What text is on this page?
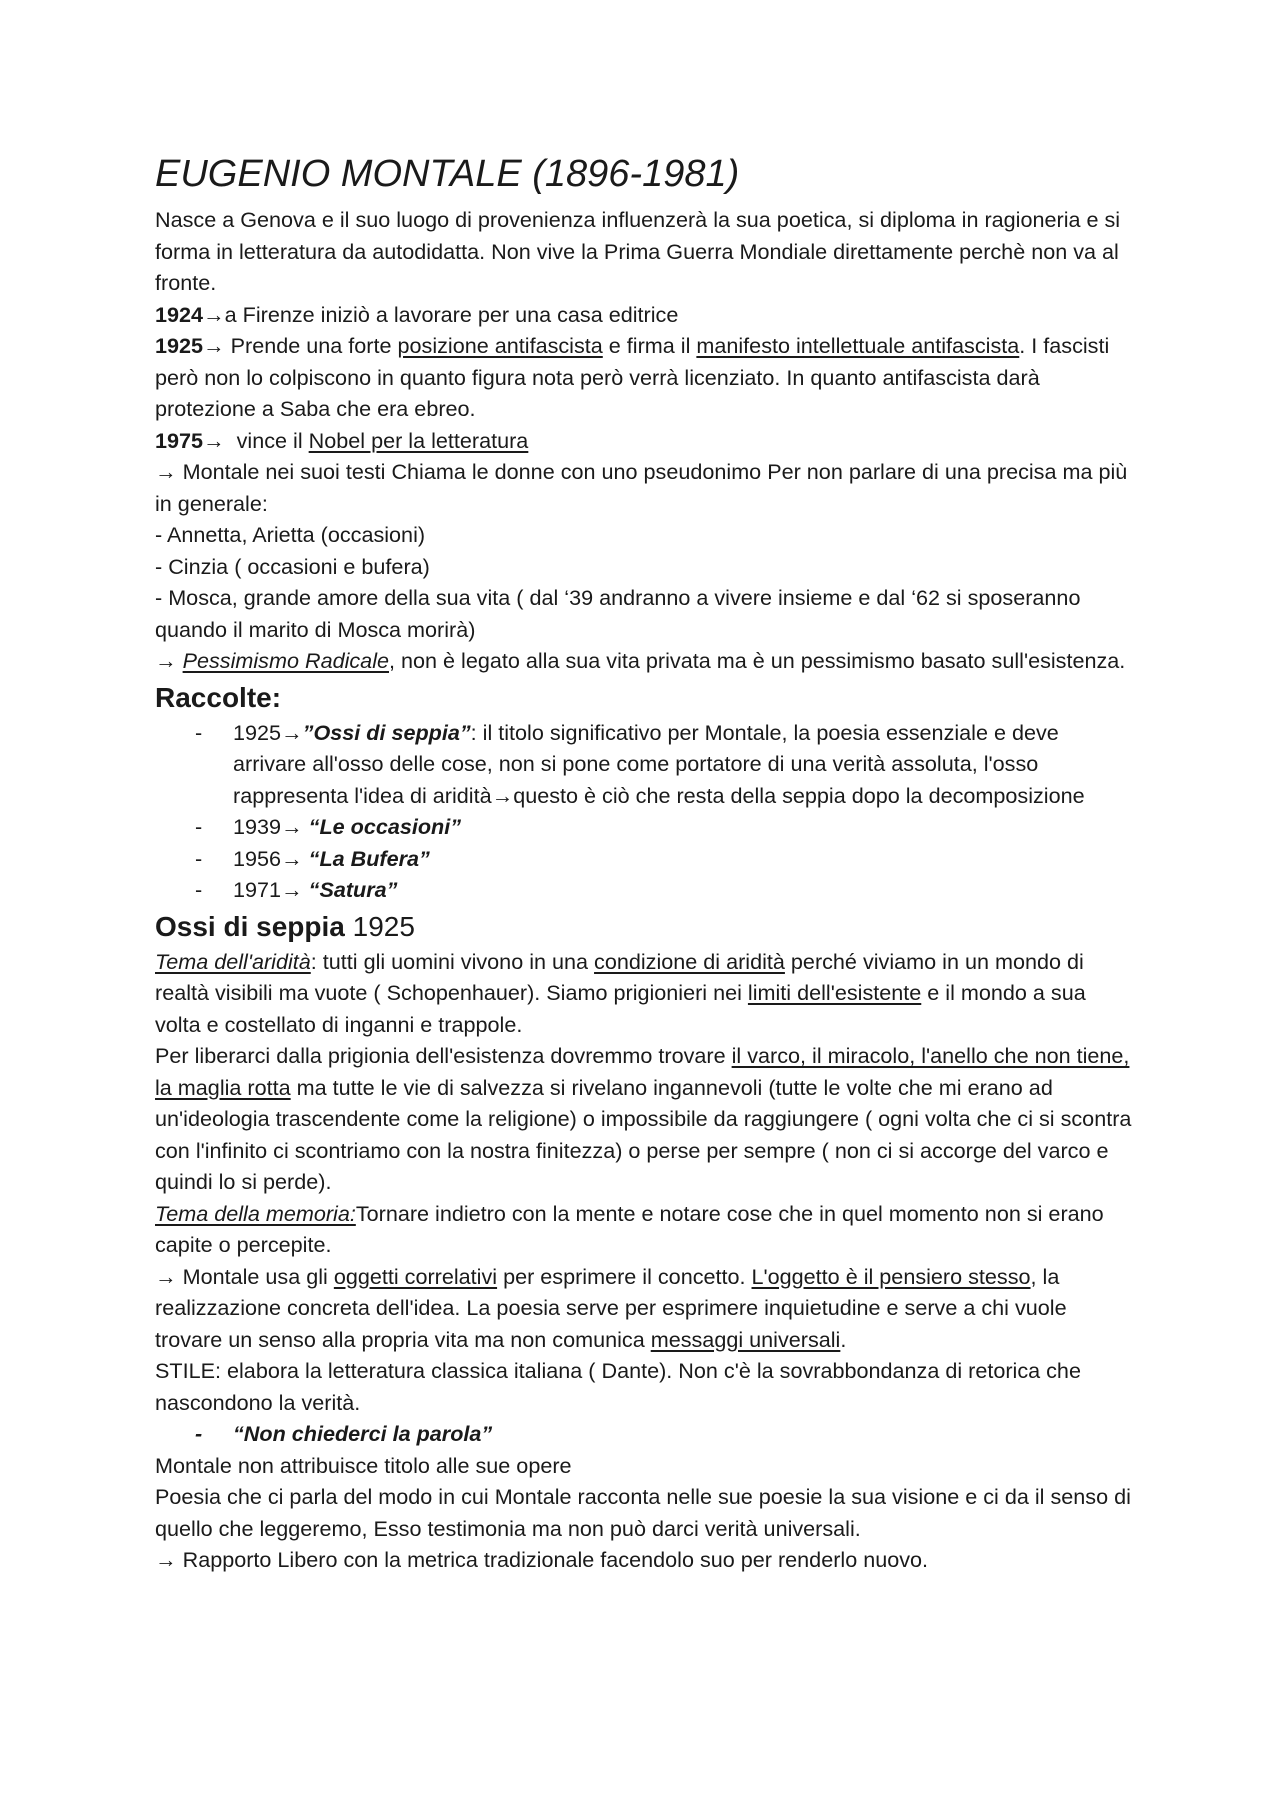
EUGENIO MONTALE (1896-1981)

Nasce a Genova e il suo luogo di provenienza influenzerà la sua poetica, si diploma in ragioneria e si forma in letteratura da autodidatta. Non vive la Prima Guerra Mondiale direttamente perchè non va al fronte.

1924→a Firenze iniziò a lavorare per una casa editrice

1925→ Prende una forte posizione antifascista e firma il manifesto intellettuale antifascista. I fascisti però non lo colpiscono in quanto figura nota però verrà licenziato. In quanto antifascista darà protezione a Saba che era ebreo.

1975→  vince il Nobel per la letteratura

→ Montale nei suoi testi Chiama le donne con uno pseudonimo Per non parlare di una precisa ma più in generale:

- Annetta, Arietta (occasioni)

- Cinzia ( occasioni e bufera)

- Mosca, grande amore della sua vita ( dal ‘39 andranno a vivere insieme e dal ‘62 si sposeranno quando il marito di Mosca morirà)

→ Pessimismo Radicale, non è legato alla sua vita privata ma è un pessimismo basato sull'esistenza.

Raccolte:
- 1925→”Ossi di seppia”: il titolo significativo per Montale, la poesia essenziale e deve arrivare all'osso delle cose, non si pone come portatore di una verità assoluta, l'osso rappresenta l'idea di aridità→questo è ciò che resta della seppia dopo la decomposizione
- 1939→ “Le occasioni”
- 1956→ “La Bufera”
- 1971→ “Satura”
Ossi di seppia 1925

Tema dell'aridità: tutti gli uomini vivono in una condizione di aridità perché viviamo in un mondo di realtà visibili ma vuote ( Schopenhauer). Siamo prigionieri nei limiti dell'esistente e il mondo a sua volta e costellato di inganni e trappole.

Per liberarci dalla prigionia dell'esistenza dovremmo trovare il varco, il miracolo, l'anello che non tiene, la maglia rotta ma tutte le vie di salvezza si rivelano ingannevoli (tutte le volte che mi erano ad un'ideologia trascendente come la religione) o impossibile da raggiungere ( ogni volta che ci si scontra con l'infinito ci scontriamo con la nostra finitezza) o perse per sempre ( non ci si accorge del varco e quindi lo si perde).

Tema della memoria:Tornare indietro con la mente e notare cose che in quel momento non si erano capite o percepite.

→ Montale usa gli oggetti correlativi per esprimere il concetto. L'oggetto è il pensiero stesso, la realizzazione concreta dell'idea. La poesia serve per esprimere inquietudine e serve a chi vuole trovare un senso alla propria vita ma non comunica messaggi universali.

STILE: elabora la letteratura classica italiana ( Dante). Non c'è la sovrabbondanza di retorica che nascondono la verità.

- “Non chiederci la parola”

Montale non attribuisce titolo alle sue opere

Poesia che ci parla del modo in cui Montale racconta nelle sue poesie la sua visione e ci da il senso di quello che leggeremo, Esso testimonia ma non può darci verità universali.

→ Rapporto Libero con la metrica tradizionale facendolo suo per renderlo nuovo.
